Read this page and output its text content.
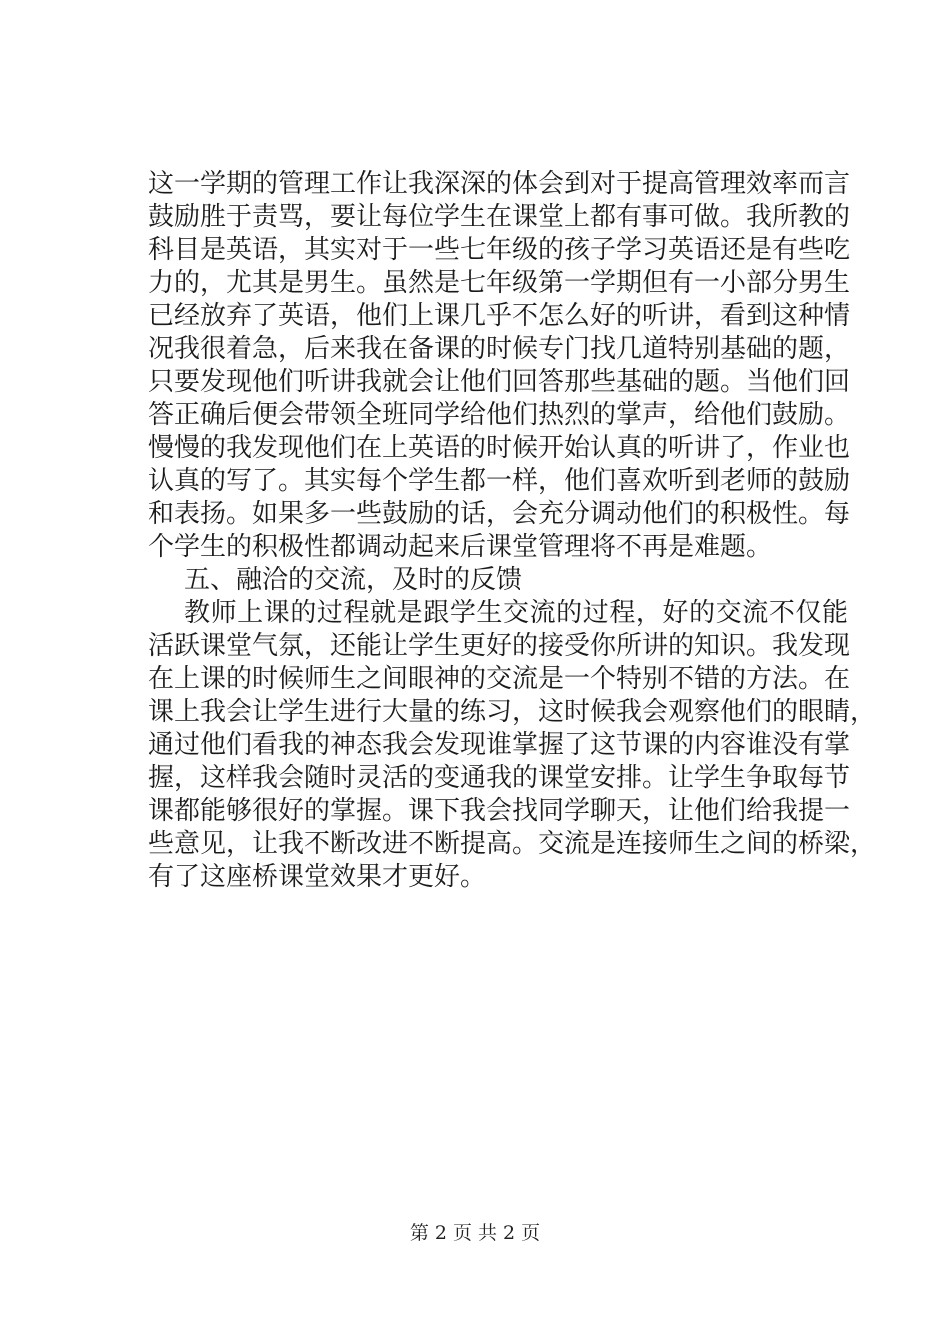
这一学期的管理工作让我深深的体会到对于提高管理效率而言
鼓励胜于责骂，要让每位学生在课堂上都有事可做。我所教的
科目是英语，其实对于一些七年级的孩子学习英语还是有些吃
力的，尤其是男生。虽然是七年级第一学期但有一小部分男生
已经放弃了英语，他们上课几乎不怎么好的听讲，看到这种情
况我很着急，后来我在备课的时候专门找几道特别基础的题，
只要发现他们听讲我就会让他们回答那些基础的题。当他们回
答正确后便会带领全班同学给他们热烈的掌声，给他们鼓励。
慢慢的我发现他们在上英语的时候开始认真的听讲了，作业也
认真的写了。其实每个学生都一样，他们喜欢听到老师的鼓励
和表扬。如果多一些鼓励的话，会充分调动他们的积极性。每
个学生的积极性都调动起来后课堂管理将不再是难题。
五、融洽的交流，及时的反馈
教师上课的过程就是跟学生交流的过程，好的交流不仅能
活跃课堂气氛，还能让学生更好的接受你所讲的知识。我发现
在上课的时候师生之间眼神的交流是一个特别不错的方法。在
课上我会让学生进行大量的练习，这时候我会观察他们的眼睛，
通过他们看我的神态我会发现谁掌握了这节课的内容谁没有掌
握，这样我会随时灵活的变通我的课堂安排。让学生争取每节
课都能够很好的掌握。课下我会找同学聊天，让他们给我提一
些意见，让我不断改进不断提高。交流是连接师生之间的桥梁，
有了这座桥课堂效果才更好。
第 2 页 共 2 页
